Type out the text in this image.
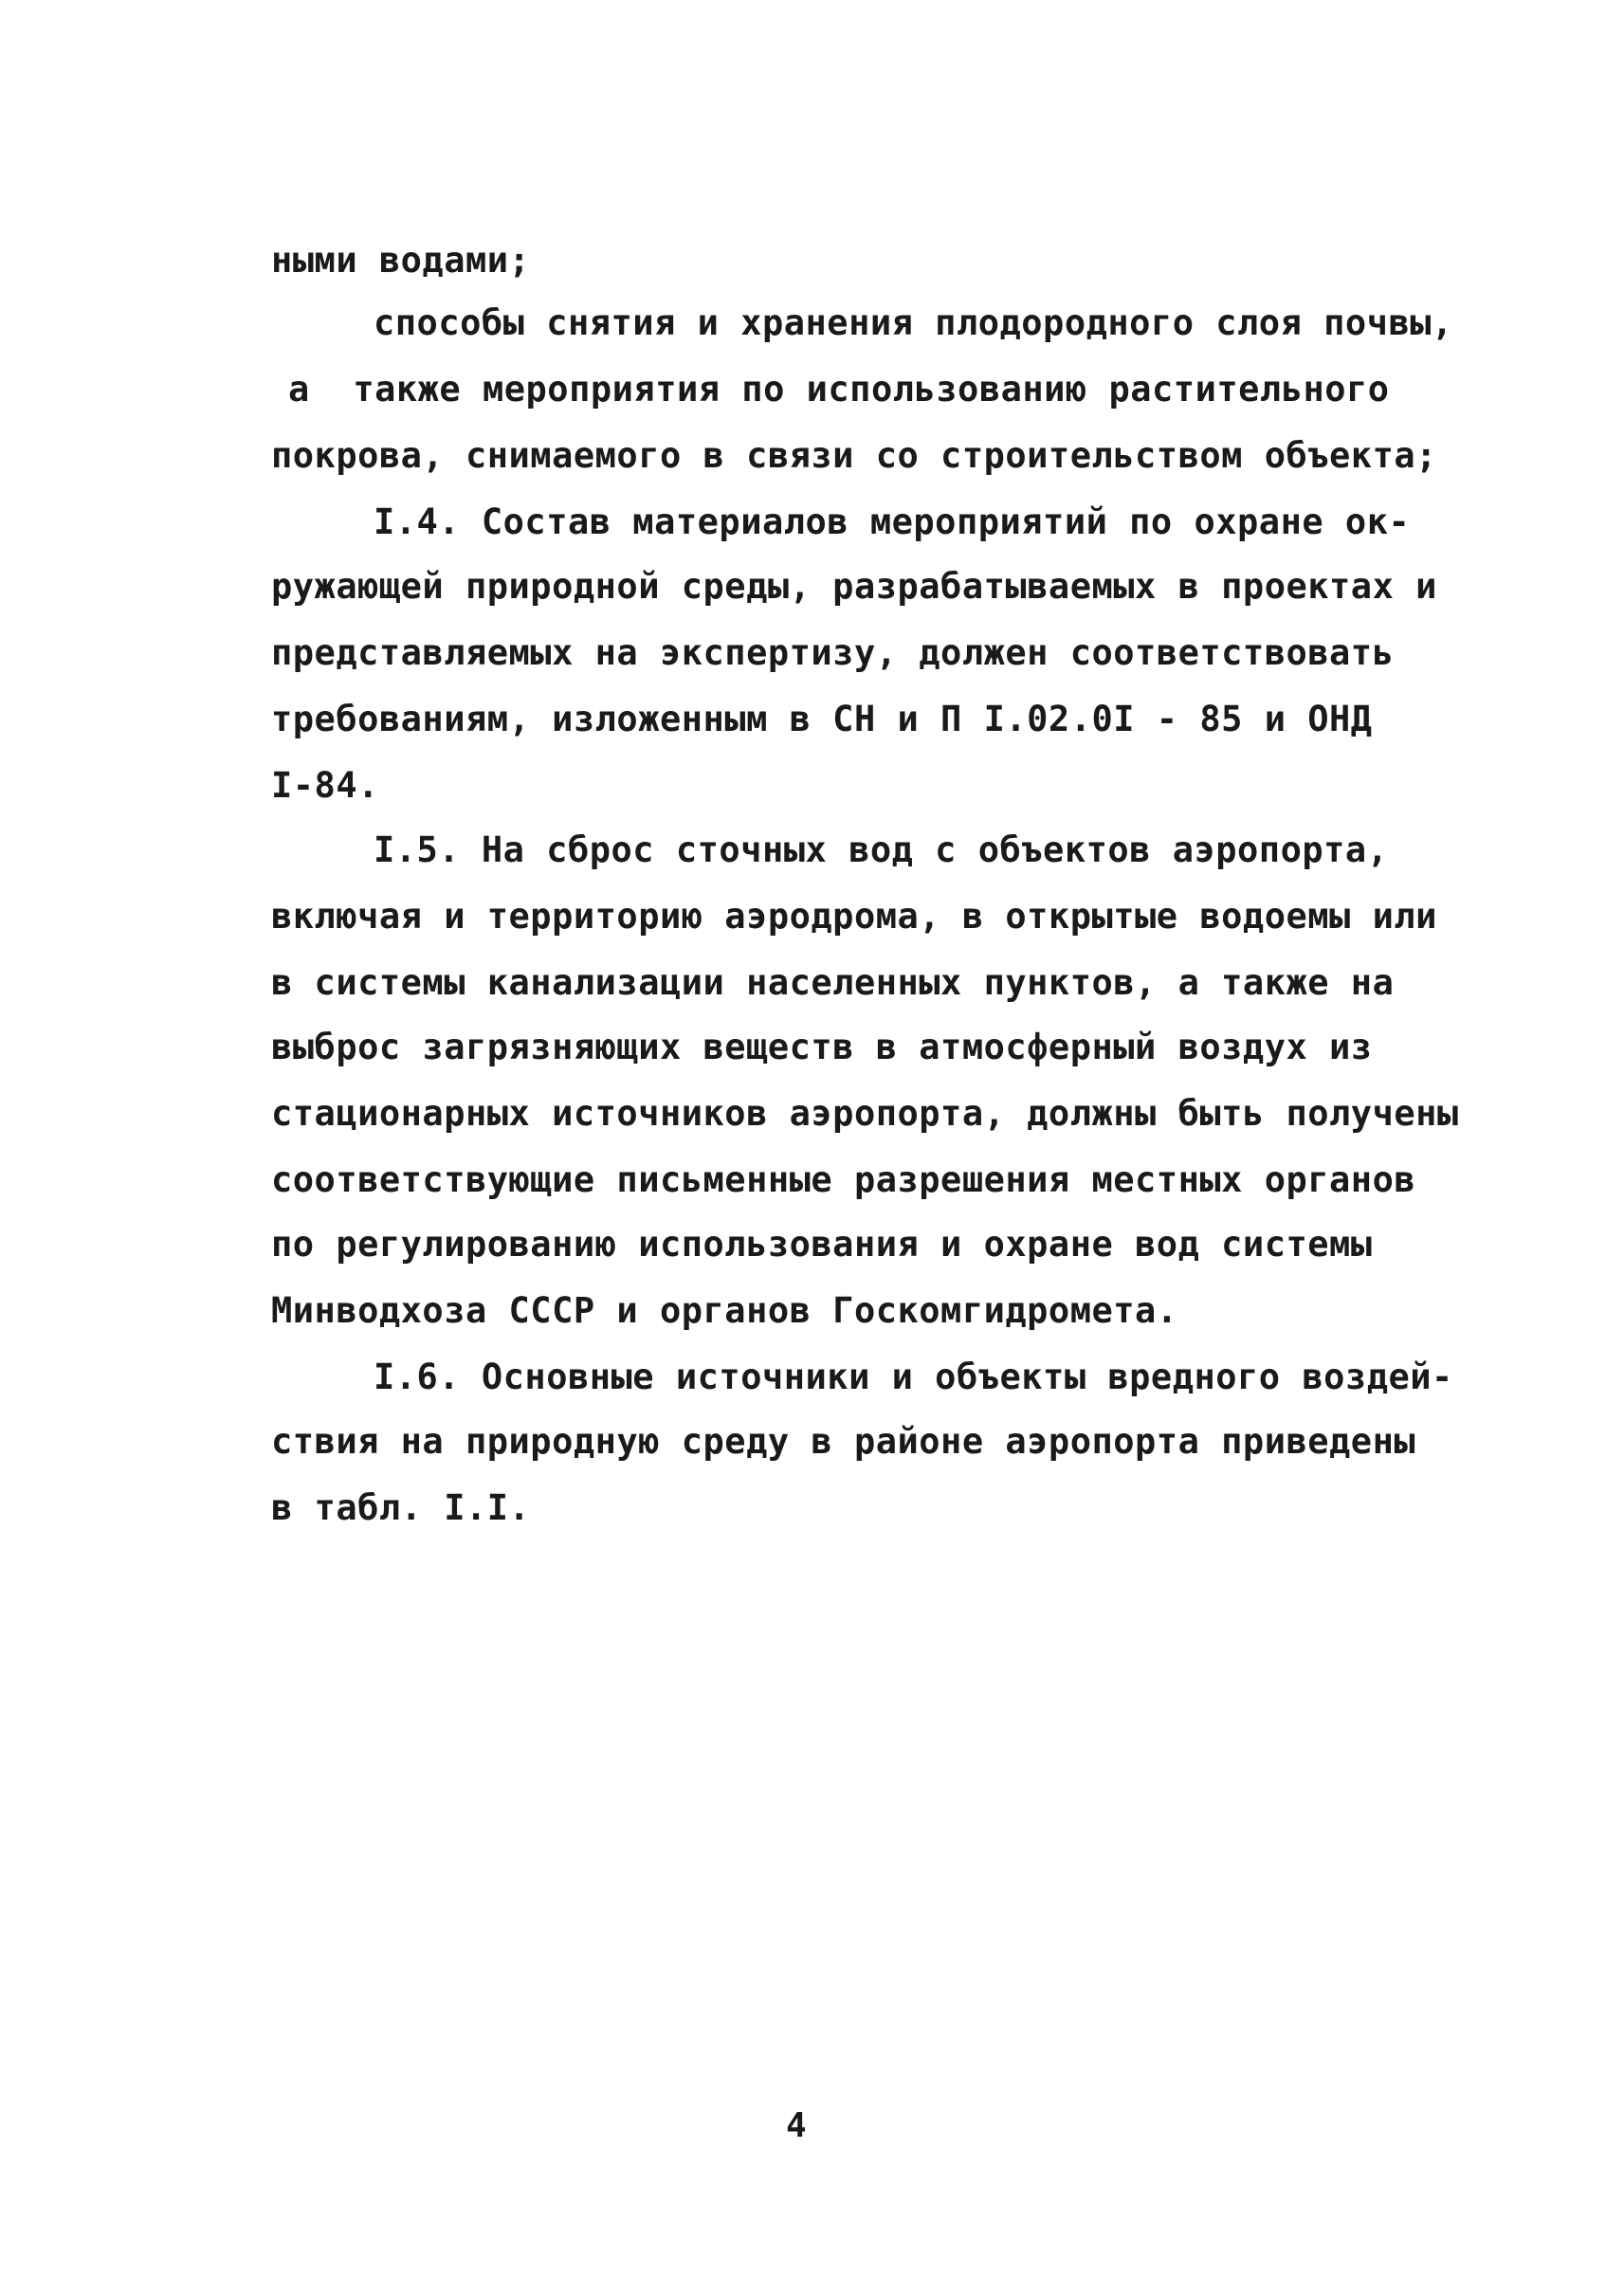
ными водами;
способы снятия и хранения плодородного слоя почвы,
а  также мероприятия по использованию растительного
покрова, снимаемого в связи со строительством объекта;
I.4. Состав материалов мероприятий по охране ок-
ружающей природной среды, разрабатываемых в проектах и
представляемых на экспертизу, должен соответствовать
требованиям, изложенным в СН и П I.02.0I - 85 и ОНД
I-84.
I.5. На сброс сточных вод с объектов аэропорта,
включая и территорию аэродрома, в открытые водоемы или
в системы канализации населенных пунктов, а также на
выброс загрязняющих веществ в атмосферный воздух из
стационарных источников аэропорта, должны быть получены
соответствующие письменные разрешения местных органов
по регулированию использования и охране вод системы
Минводхоза СССР и органов Госкомгидромета.
I.6. Основные источники и объекты вредного воздей-
ствия на природную среду в районе аэропорта приведены
в табл. I.I.
4
